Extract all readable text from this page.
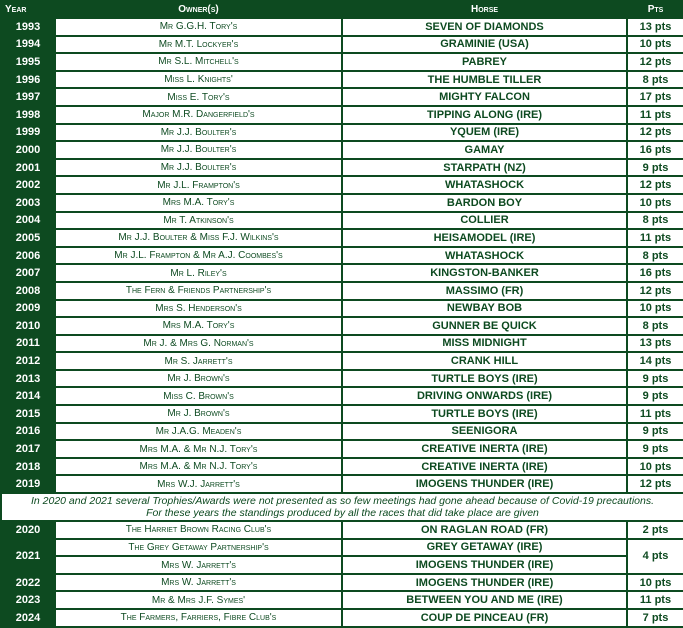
Year	Owner(s)	Horse	Pts
1993	Mr G.G.H. Tory's	SEVEN OF DIAMONDS	13 pts
1994	Mr M.T. Lockyer's	GRAMINIE (USA)	10 pts
1995	Mr S.L. Mitchell's	PABREY	12 pts
1996	Miss L. Knights'	THE HUMBLE TILLER	8 pts
1997	Miss E. Tory's	MIGHTY FALCON	17 pts
1998	Major M.R. Dangerfield's	TIPPING ALONG (IRE)	11 pts
1999	Mr J.J. Boulter's	YQUEM (IRE)	12 pts
2000	Mr J.J. Boulter's	GAMAY	16 pts
2001	Mr J.J. Boulter's	STARPATH (NZ)	9 pts
2002	Mr J.L. Frampton's	WHATASHOCK	12 pts
2003	Mrs M.A. Tory's	BARDON BOY	10 pts
2004	Mr T. Atkinson's	COLLIER	8 pts
2005	Mr J.J. Boulter & Miss F.J. Wilkins's	HEISAMODEL (IRE)	11 pts
2006	Mr J.L. Frampton & Mr A.J. Coombes's	WHATASHOCK	8 pts
2007	Mr L. Riley's	KINGSTON-BANKER	16 pts
2008	The Fern & Friends Partnership's	MASSIMO (FR)	12 pts
2009	Mrs S. Henderson's	NEWBAY BOB	10 pts
2010	Mrs M.A. Tory's	GUNNER BE QUICK	8 pts
2011	Mr J. & Mrs G. Norman's	MISS MIDNIGHT	13 pts
2012	Mr S. Jarrett's	CRANK HILL	14 pts
2013	Mr J. Brown's	TURTLE BOYS (IRE)	9 pts
2014	Miss C. Brown's	DRIVING ONWARDS (IRE)	9 pts
2015	Mr J. Brown's	TURTLE BOYS (IRE)	11 pts
2016	Mr J.A.G. Meaden's	SEENIGORA	9 pts
2017	Mrs M.A. & Mr N.J. Tory's	CREATIVE INERTA (IRE)	9 pts
2018	Mrs M.A. & Mr N.J. Tory's	CREATIVE INERTA (IRE)	10 pts
2019	Mrs W.J. Jarrett's	IMOGENS THUNDER (IRE)	12 pts
In 2020 and 2021 several Trophies/Awards were not presented as so few meetings had gone ahead because of Covid-19 precautions.
For these years the standings produced by all the races that did take place are given			
2020	The Harriet Brown Racing Club's	ON RAGLAN ROAD (FR)	2 pts
2021	The Grey Getaway Partnership's	GREY GETAWAY (IRE)	4 pts
	Mrs W. Jarrett's	IMOGENS THUNDER (IRE)	
2022	Mrs W. Jarrett's	IMOGENS THUNDER (IRE)	10 pts
2023	Mr & Mrs J.F. Symes'	BETWEEN YOU AND ME (IRE)	11 pts
2024	The Farmers, Farriers, Fibre Club's	COUP DE PINCEAU (FR)	7 pts
